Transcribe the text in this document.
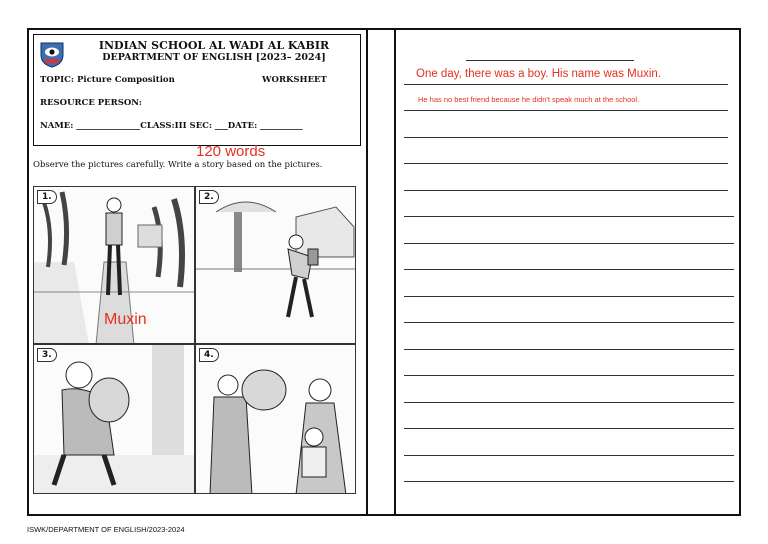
INDIAN SCHOOL AL WADI AL KABIR
DEPARTMENT OF ENGLISH [2023– 2024]
TOPIC: Picture Composition	WORKSHEET
RESOURCE PERSON:
NAME: _______________CLASS:III SEC: ___DATE: __________
120 words
Observe the pictures carefully. Write a story based on the pictures.
1.	2.
3.	4.
Muxin
One day, there was a boy. His name was Muxin.
He has no best friend because he didn't speak much at the school.
ISWK/DEPARTMENT OF ENGLISH/2023-2024
